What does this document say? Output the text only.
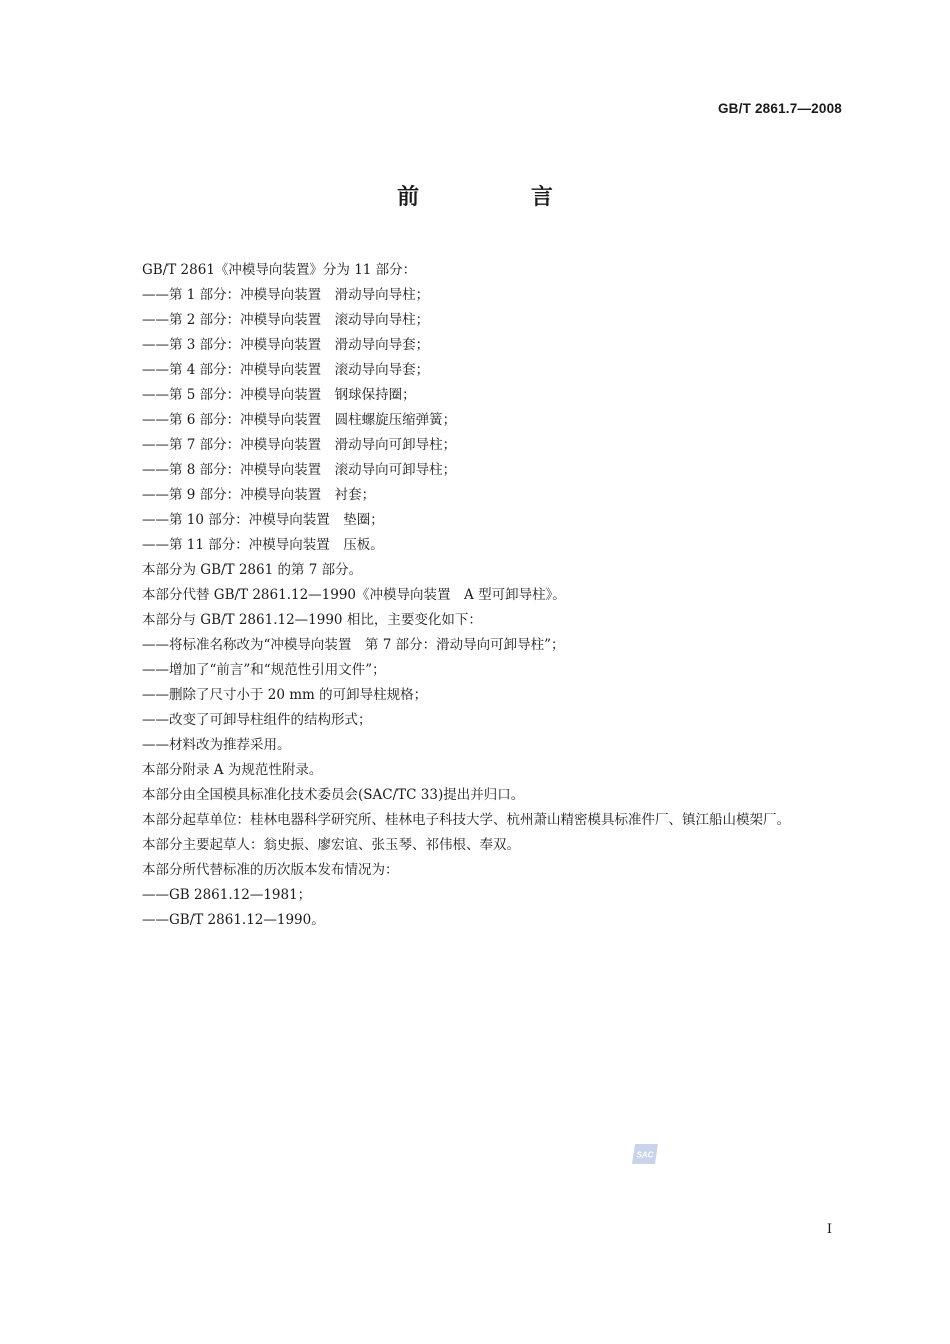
GB/T 2861.7—2008

前 言

GB/T 2861《冲模导向装置》分为 11 部分：

——第 1 部分：冲模导向装置　滑动导向导柱；

——第 2 部分：冲模导向装置　滚动导向导柱；

——第 3 部分：冲模导向装置　滑动导向导套；

——第 4 部分：冲模导向装置　滚动导向导套；

——第 5 部分：冲模导向装置　钢球保持圈；

——第 6 部分：冲模导向装置　圆柱螺旋压缩弹簧；

——第 7 部分：冲模导向装置　滑动导向可卸导柱；

——第 8 部分：冲模导向装置　滚动导向可卸导柱；

——第 9 部分：冲模导向装置　衬套；

——第 10 部分：冲模导向装置　垫圈；

——第 11 部分：冲模导向装置　压板。

本部分为 GB/T 2861 的第 7 部分。

本部分代替 GB/T 2861.12—1990《冲模导向装置　A 型可卸导柱》。

本部分与 GB/T 2861.12—1990 相比，主要变化如下：

——将标准名称改为“冲模导向装置　第 7 部分：滑动导向可卸导柱”；

——增加了“前言”和“规范性引用文件”；

——删除了尺寸小于 20 mm 的可卸导柱规格；

——改变了可卸导柱组件的结构形式；

——材料改为推荐采用。

本部分附录 A 为规范性附录。

本部分由全国模具标准化技术委员会(SAC/TC 33)提出并归口。

本部分起草单位：桂林电器科学研究所、桂林电子科技大学、杭州萧山精密模具标准件厂、镇江船山模架厂。

本部分主要起草人：翁史振、廖宏谊、张玉琴、祁伟根、奉双。

本部分所代替标准的历次版本发布情况为：

——GB 2861.12—1981；

——GB/T 2861.12—1990。

SAC

I
